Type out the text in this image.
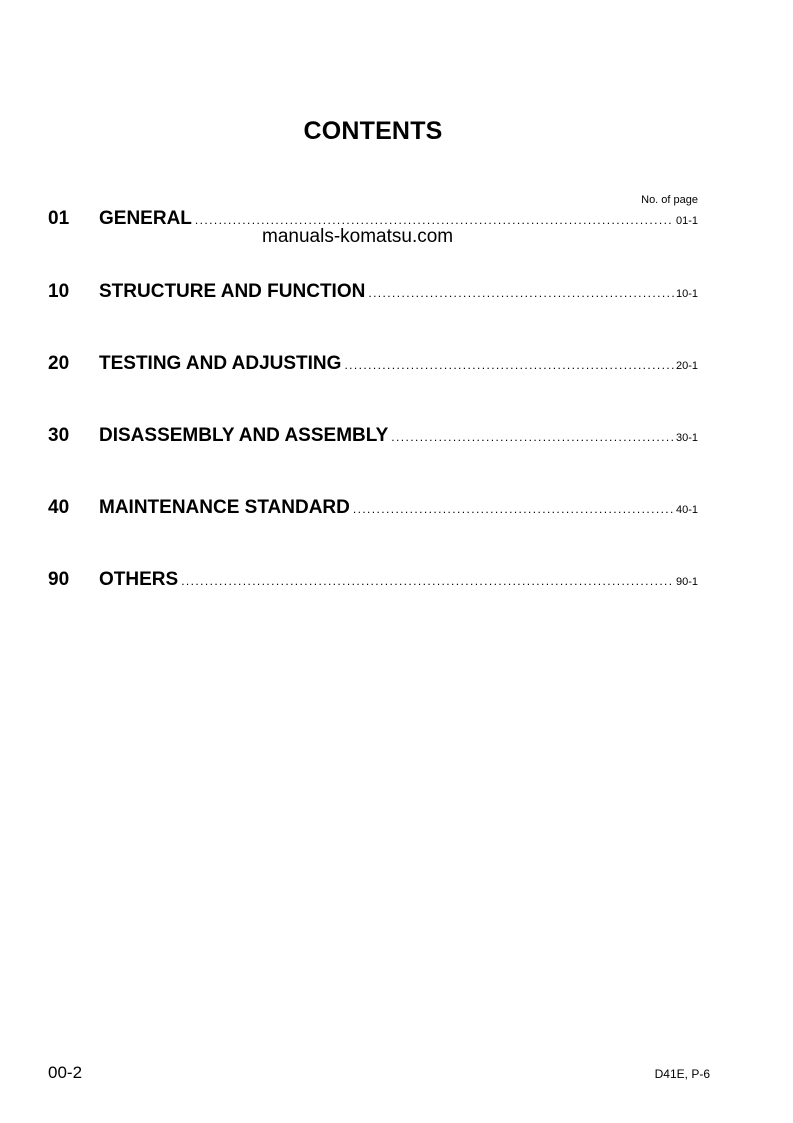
CONTENTS
No. of page
01	GENERAL .....	01-1
manuals-komatsu.com
10	STRUCTURE AND FUNCTION .....	10-1
20	TESTING AND ADJUSTING .....	20-1
30	DISASSEMBLY AND ASSEMBLY .....	30-1
40	MAINTENANCE STANDARD .....	40-1
90	OTHERS .....	90-1
00-2	D41E, P-6
